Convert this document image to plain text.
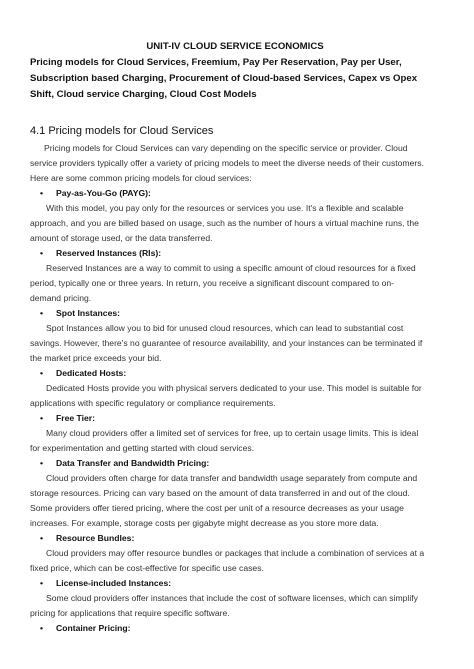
UNIT-IV CLOUD SERVICE ECONOMICS

Pricing models for Cloud Services, Freemium, Pay Per Reservation, Pay per User,
Subscription based Charging, Procurement of Cloud-based Services, Capex vs Opex
Shift, Cloud service Charging, Cloud Cost Models

4.1 Pricing models for Cloud Services

Pricing models for Cloud Services can vary depending on the specific service or provider. Cloud
service providers typically offer a variety of pricing models to meet the diverse needs of their customers.
Here are some common pricing models for cloud services:

• Pay-as-You-Go (PAYG):

With this model, you pay only for the resources or services you use. It's a flexible and scalable
approach, and you are billed based on usage, such as the number of hours a virtual machine runs, the
amount of storage used, or the data transferred.

• Reserved Instances (RIs):

Reserved Instances are a way to commit to using a specific amount of cloud resources for a fixed
period, typically one or three years. In return, you receive a significant discount compared to on-
demand pricing.

• Spot Instances:

Spot Instances allow you to bid for unused cloud resources, which can lead to substantial cost
savings. However, there's no guarantee of resource availability, and your instances can be terminated if
the market price exceeds your bid.

• Dedicated Hosts:

Dedicated Hosts provide you with physical servers dedicated to your use. This model is suitable for
applications with specific regulatory or compliance requirements.

• Free Tier:

Many cloud providers offer a limited set of services for free, up to certain usage limits. This is ideal
for experimentation and getting started with cloud services.

• Data Transfer and Bandwidth Pricing:

Cloud providers often charge for data transfer and bandwidth usage separately from compute and
storage resources. Pricing can vary based on the amount of data transferred in and out of the cloud.
Some providers offer tiered pricing, where the cost per unit of a resource decreases as your usage
increases. For example, storage costs per gigabyte might decrease as you store more data.

• Resource Bundles:

Cloud providers may offer resource bundles or packages that include a combination of services at a
fixed price, which can be cost-effective for specific use cases.

• License-included Instances:

Some cloud providers offer instances that include the cost of software licenses, which can simplify
pricing for applications that require specific software.

• Container Pricing:
